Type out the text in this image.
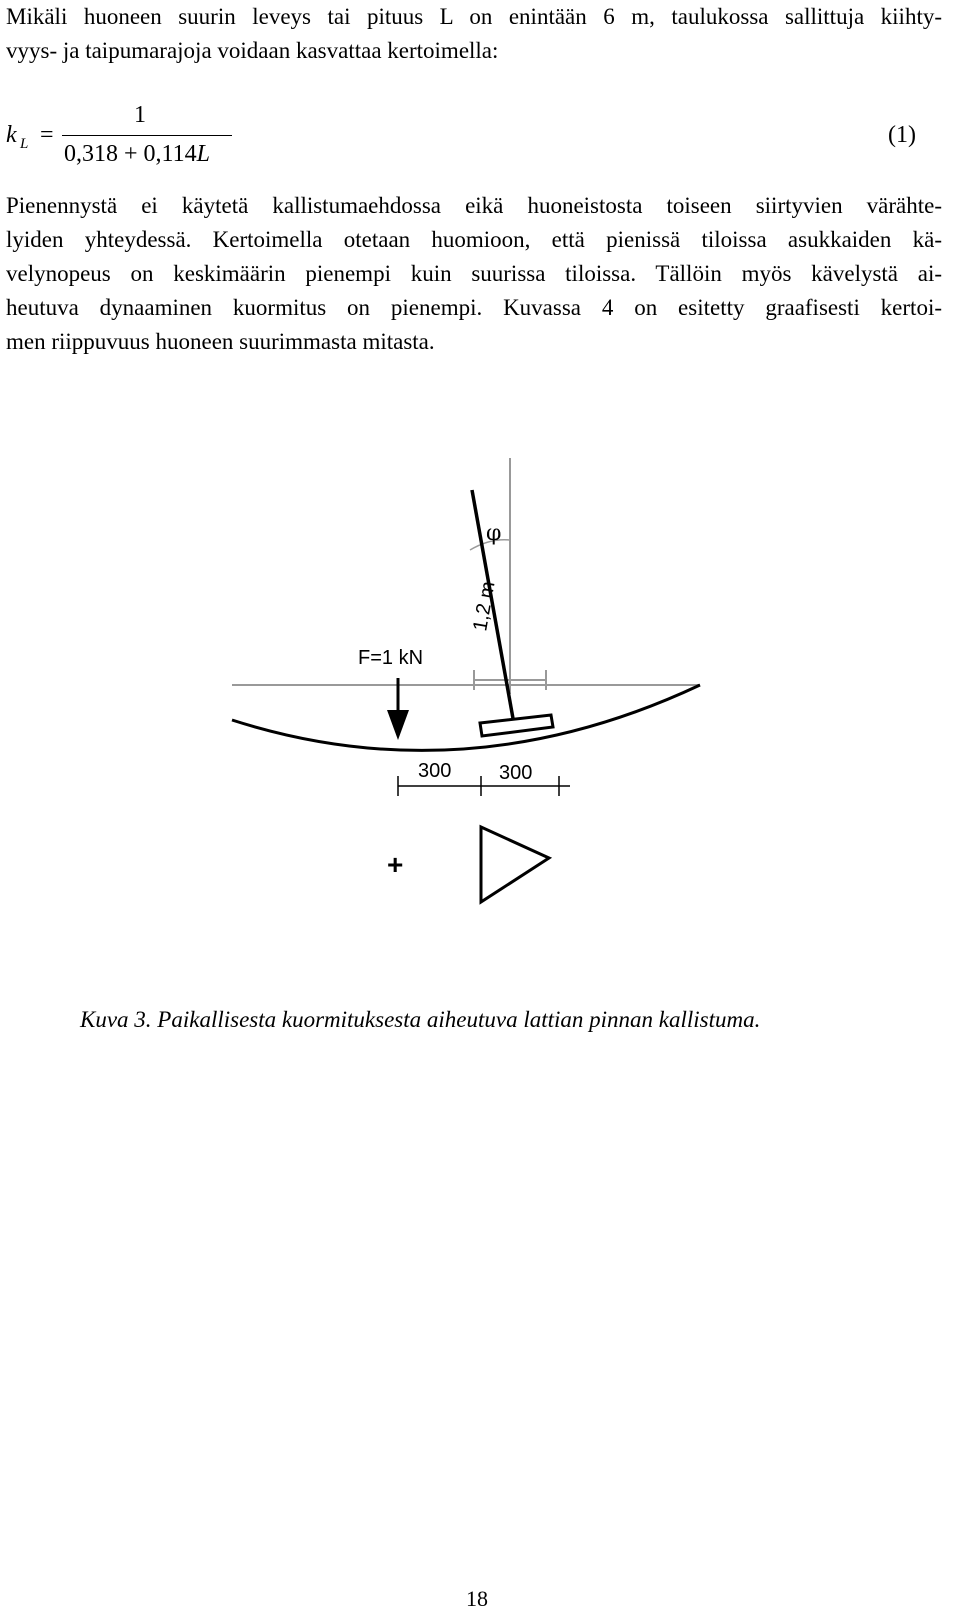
Mikäli huoneen suurin leveys tai pituus L on enintään 6 m, taulukossa sallittuja kiihty-
vyys- ja taipumarajoja voidaan kasvattaa kertoimella:
k L =
1
0,318 + 0,114L
(1)
Pienennystä ei käytetä kallistumaehdossa eikä huoneistosta toiseen siirtyvien värähte-
lyiden yhteydessä. Kertoimella otetaan huomioon, että pienissä tiloissa asukkaiden kä-
velynopeus on keskimäärin pienempi kuin suurissa tiloissa. Tällöin myös kävelystä ai-
heutuva dynaaminen kuormitus on pienempi. Kuvassa 4 on esitetty graafisesti kertoi-
men riippuvuus huoneen suurimmasta mitasta.
F=1 kN
1,2 m
φ
300 300
+
Kuva 3. Paikallisesta kuormituksesta aiheutuva lattian pinnan kallistuma.
18
